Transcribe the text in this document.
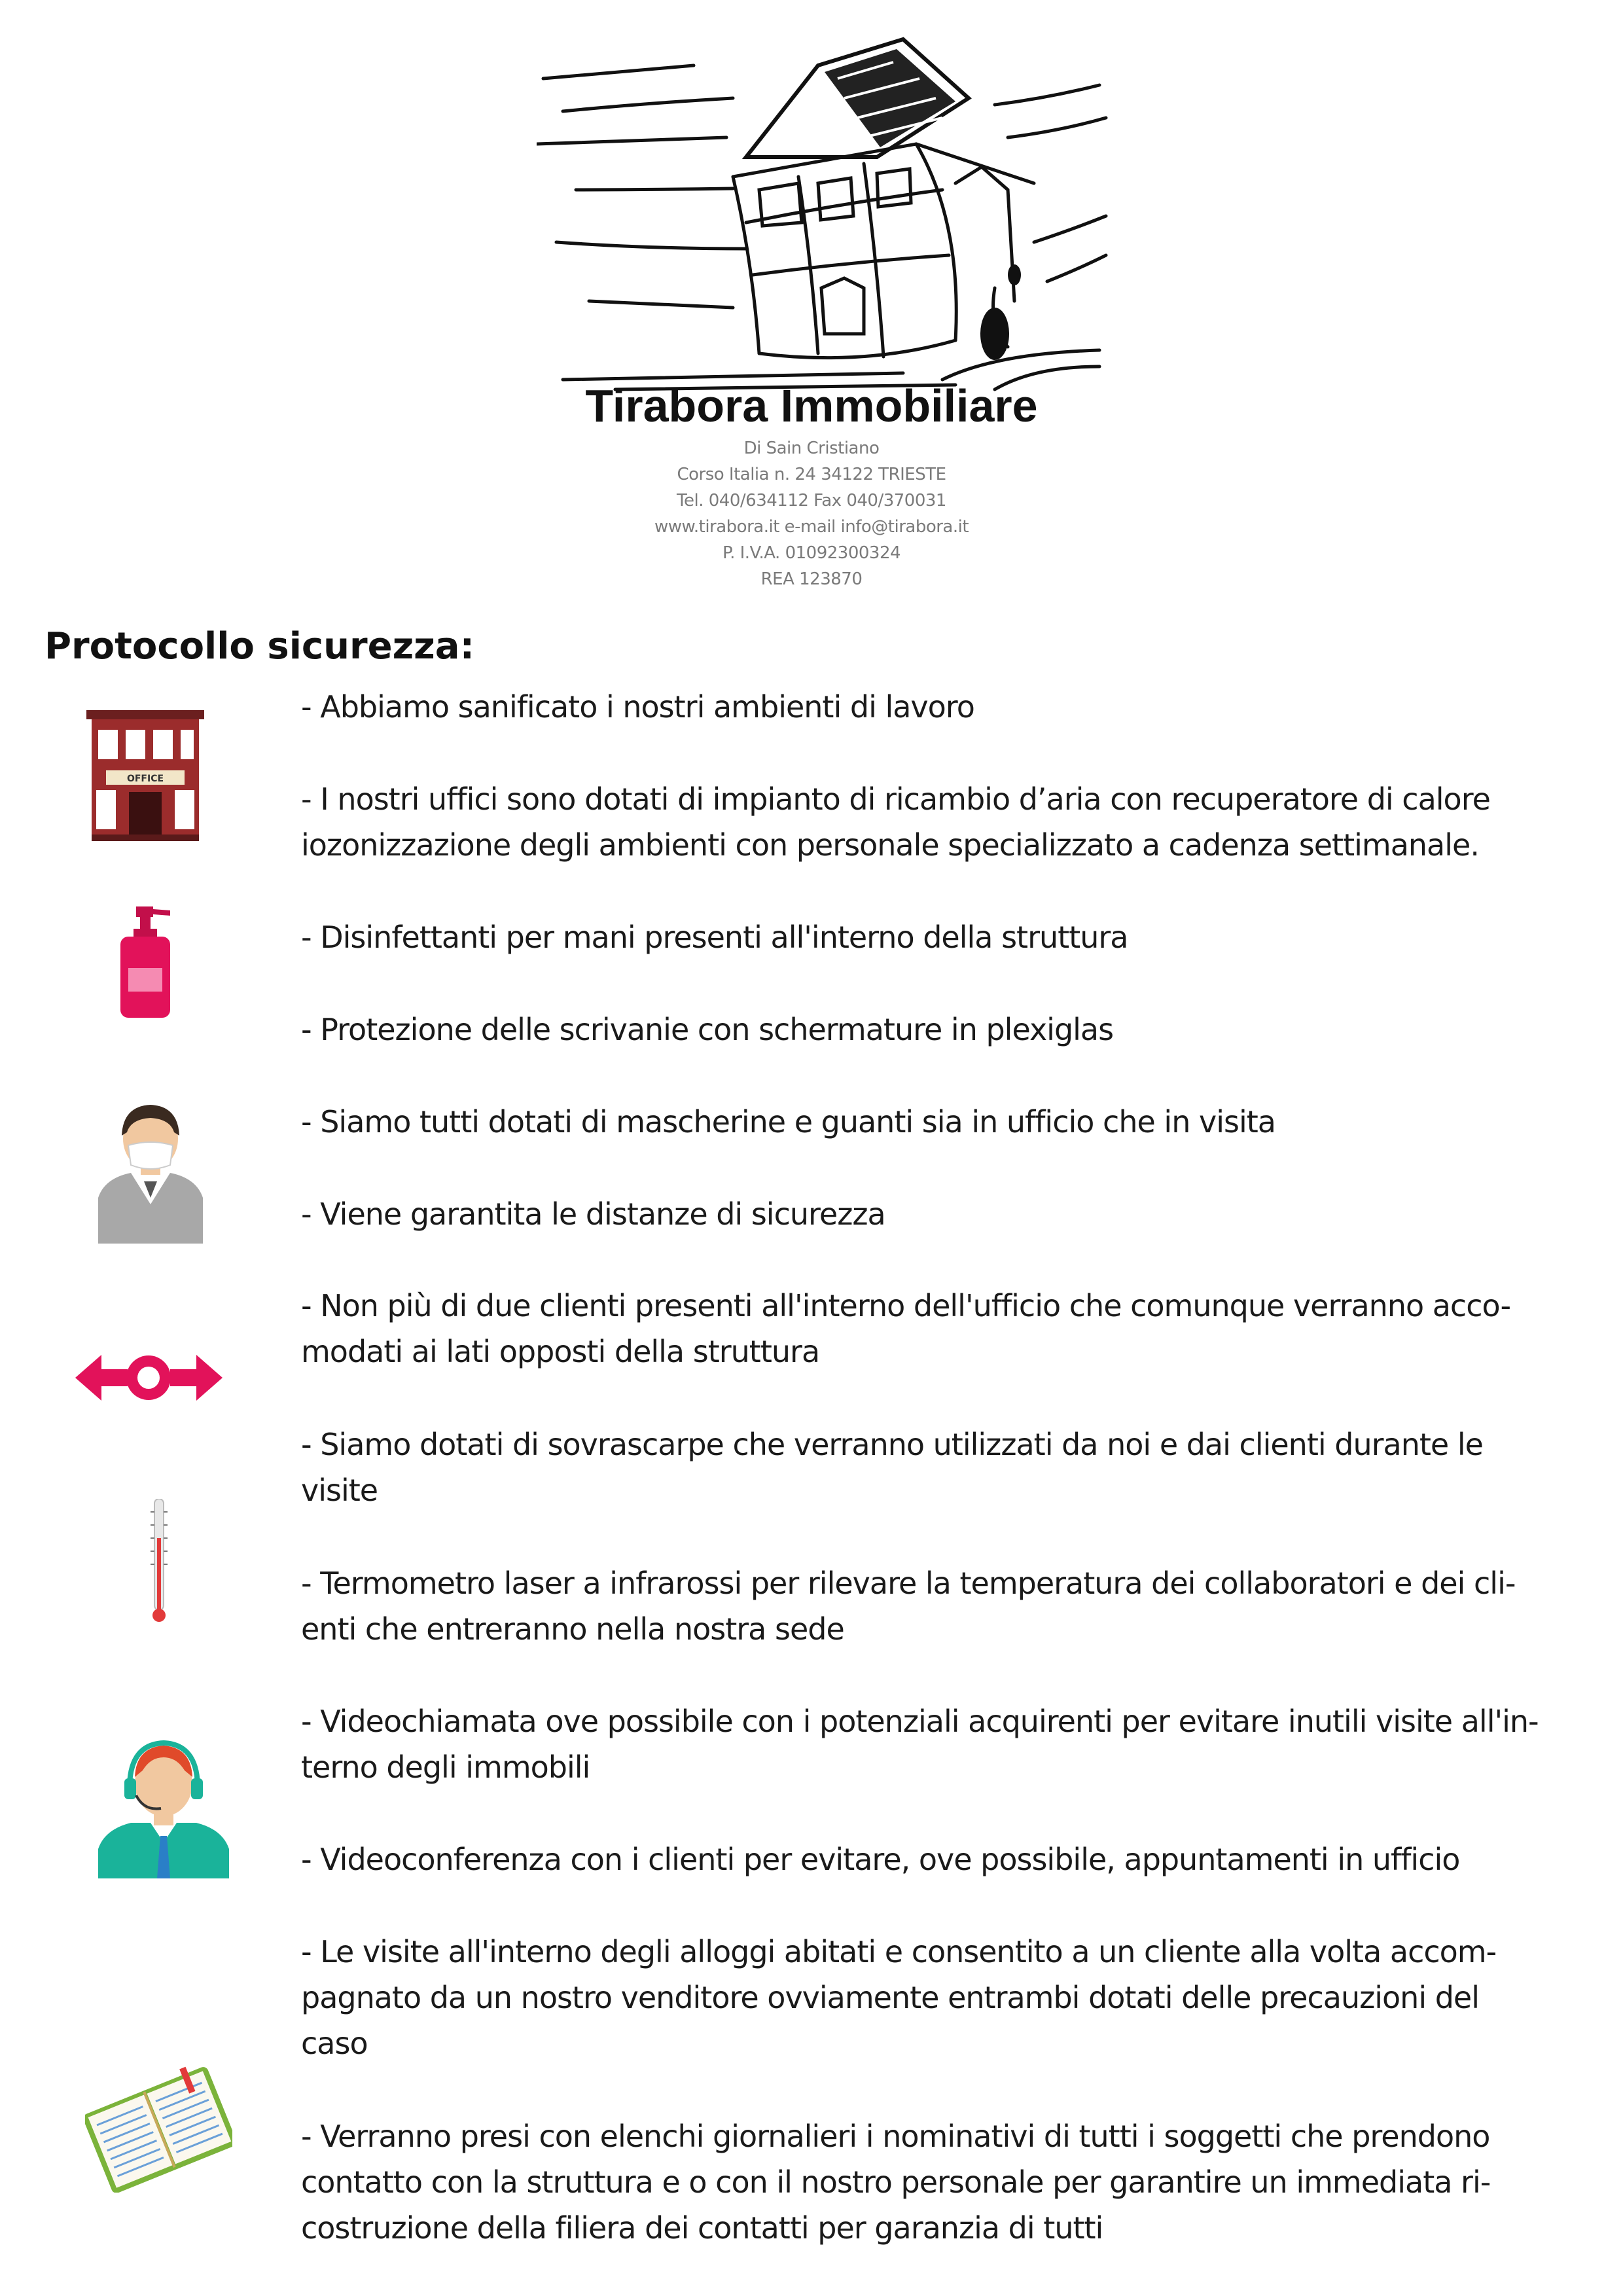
Tirabora Immobiliare
Di Sain Cristiano
Corso Italia n. 24 34122 TRIESTE
Tel. 040/634112 Fax 040/370031
www.tirabora.it e-mail info@tirabora.it
P. I.V.A. 01092300324
REA 123870
Protocollo sicurezza:
OFFICE
- Abbiamo sanificato i nostri ambienti di lavoro
- I nostri uffici sono dotati di impianto di ricambio d’aria con recuperatore di calore
iozonizzazione degli ambienti con personale specializzato a cadenza settimanale.
- Disinfettanti per mani presenti all'interno della struttura
- Protezione delle scrivanie con schermature in plexiglas
- Siamo tutti dotati di mascherine e guanti sia in ufficio che in visita
- Viene garantita le distanze di sicurezza
- Non più di due clienti presenti all'interno dell'ufficio che comunque verranno acco-
modati ai lati opposti della struttura
- Siamo dotati di sovrascarpe che verranno utilizzati da noi e dai clienti durante le
visite
- Termometro laser a infrarossi per rilevare la temperatura dei collaboratori e dei cli-
enti che entreranno nella nostra sede
- Videochiamata ove possibile con i potenziali acquirenti per evitare inutili visite all'in-
terno degli immobili
- Videoconferenza con i clienti per evitare, ove possibile, appuntamenti in ufficio
- Le visite all'interno degli alloggi abitati e consentito a un cliente alla volta accom-
pagnato da un nostro venditore ovviamente entrambi dotati delle precauzioni del
caso
- Verranno presi con elenchi giornalieri i nominativi di tutti i soggetti che prendono
contatto con la struttura e o con il nostro personale per garantire un immediata ri-
costruzione della filiera dei contatti per garanzia di tutti
